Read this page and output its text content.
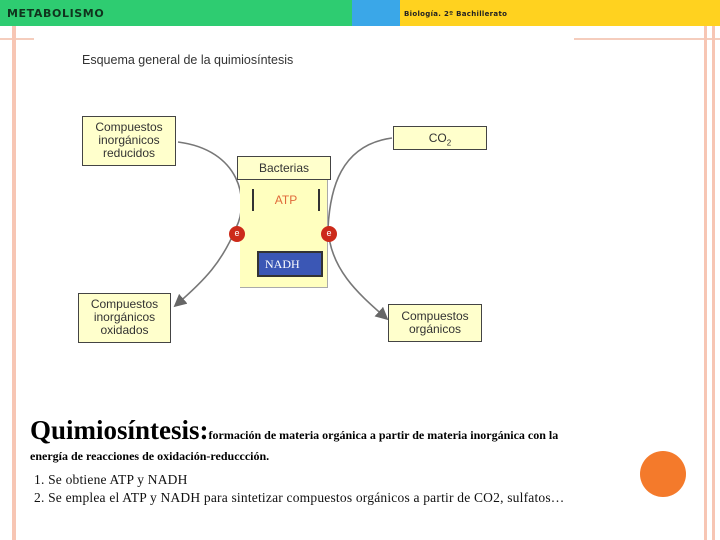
METABOLISMO	Biología. 2º Bachillerato
Esquema general de la quimiosíntesis
Compuestos
inorgánicos
reducidos
$CO_2$
Bacterias
ATP
e	e
NADH
Compuestos
inorgánicos
oxidados
Compuestos
orgánicos
Quimiosíntesis:formación de materia orgánica a partir de materia inorgánica con la
energía de reacciones de oxidación-reduccción.
1. Se obtiene ATP y NADH
2. Se emplea el ATP y NADH para sintetizar compuestos orgánicos a partir de CO2, sulfatos…
